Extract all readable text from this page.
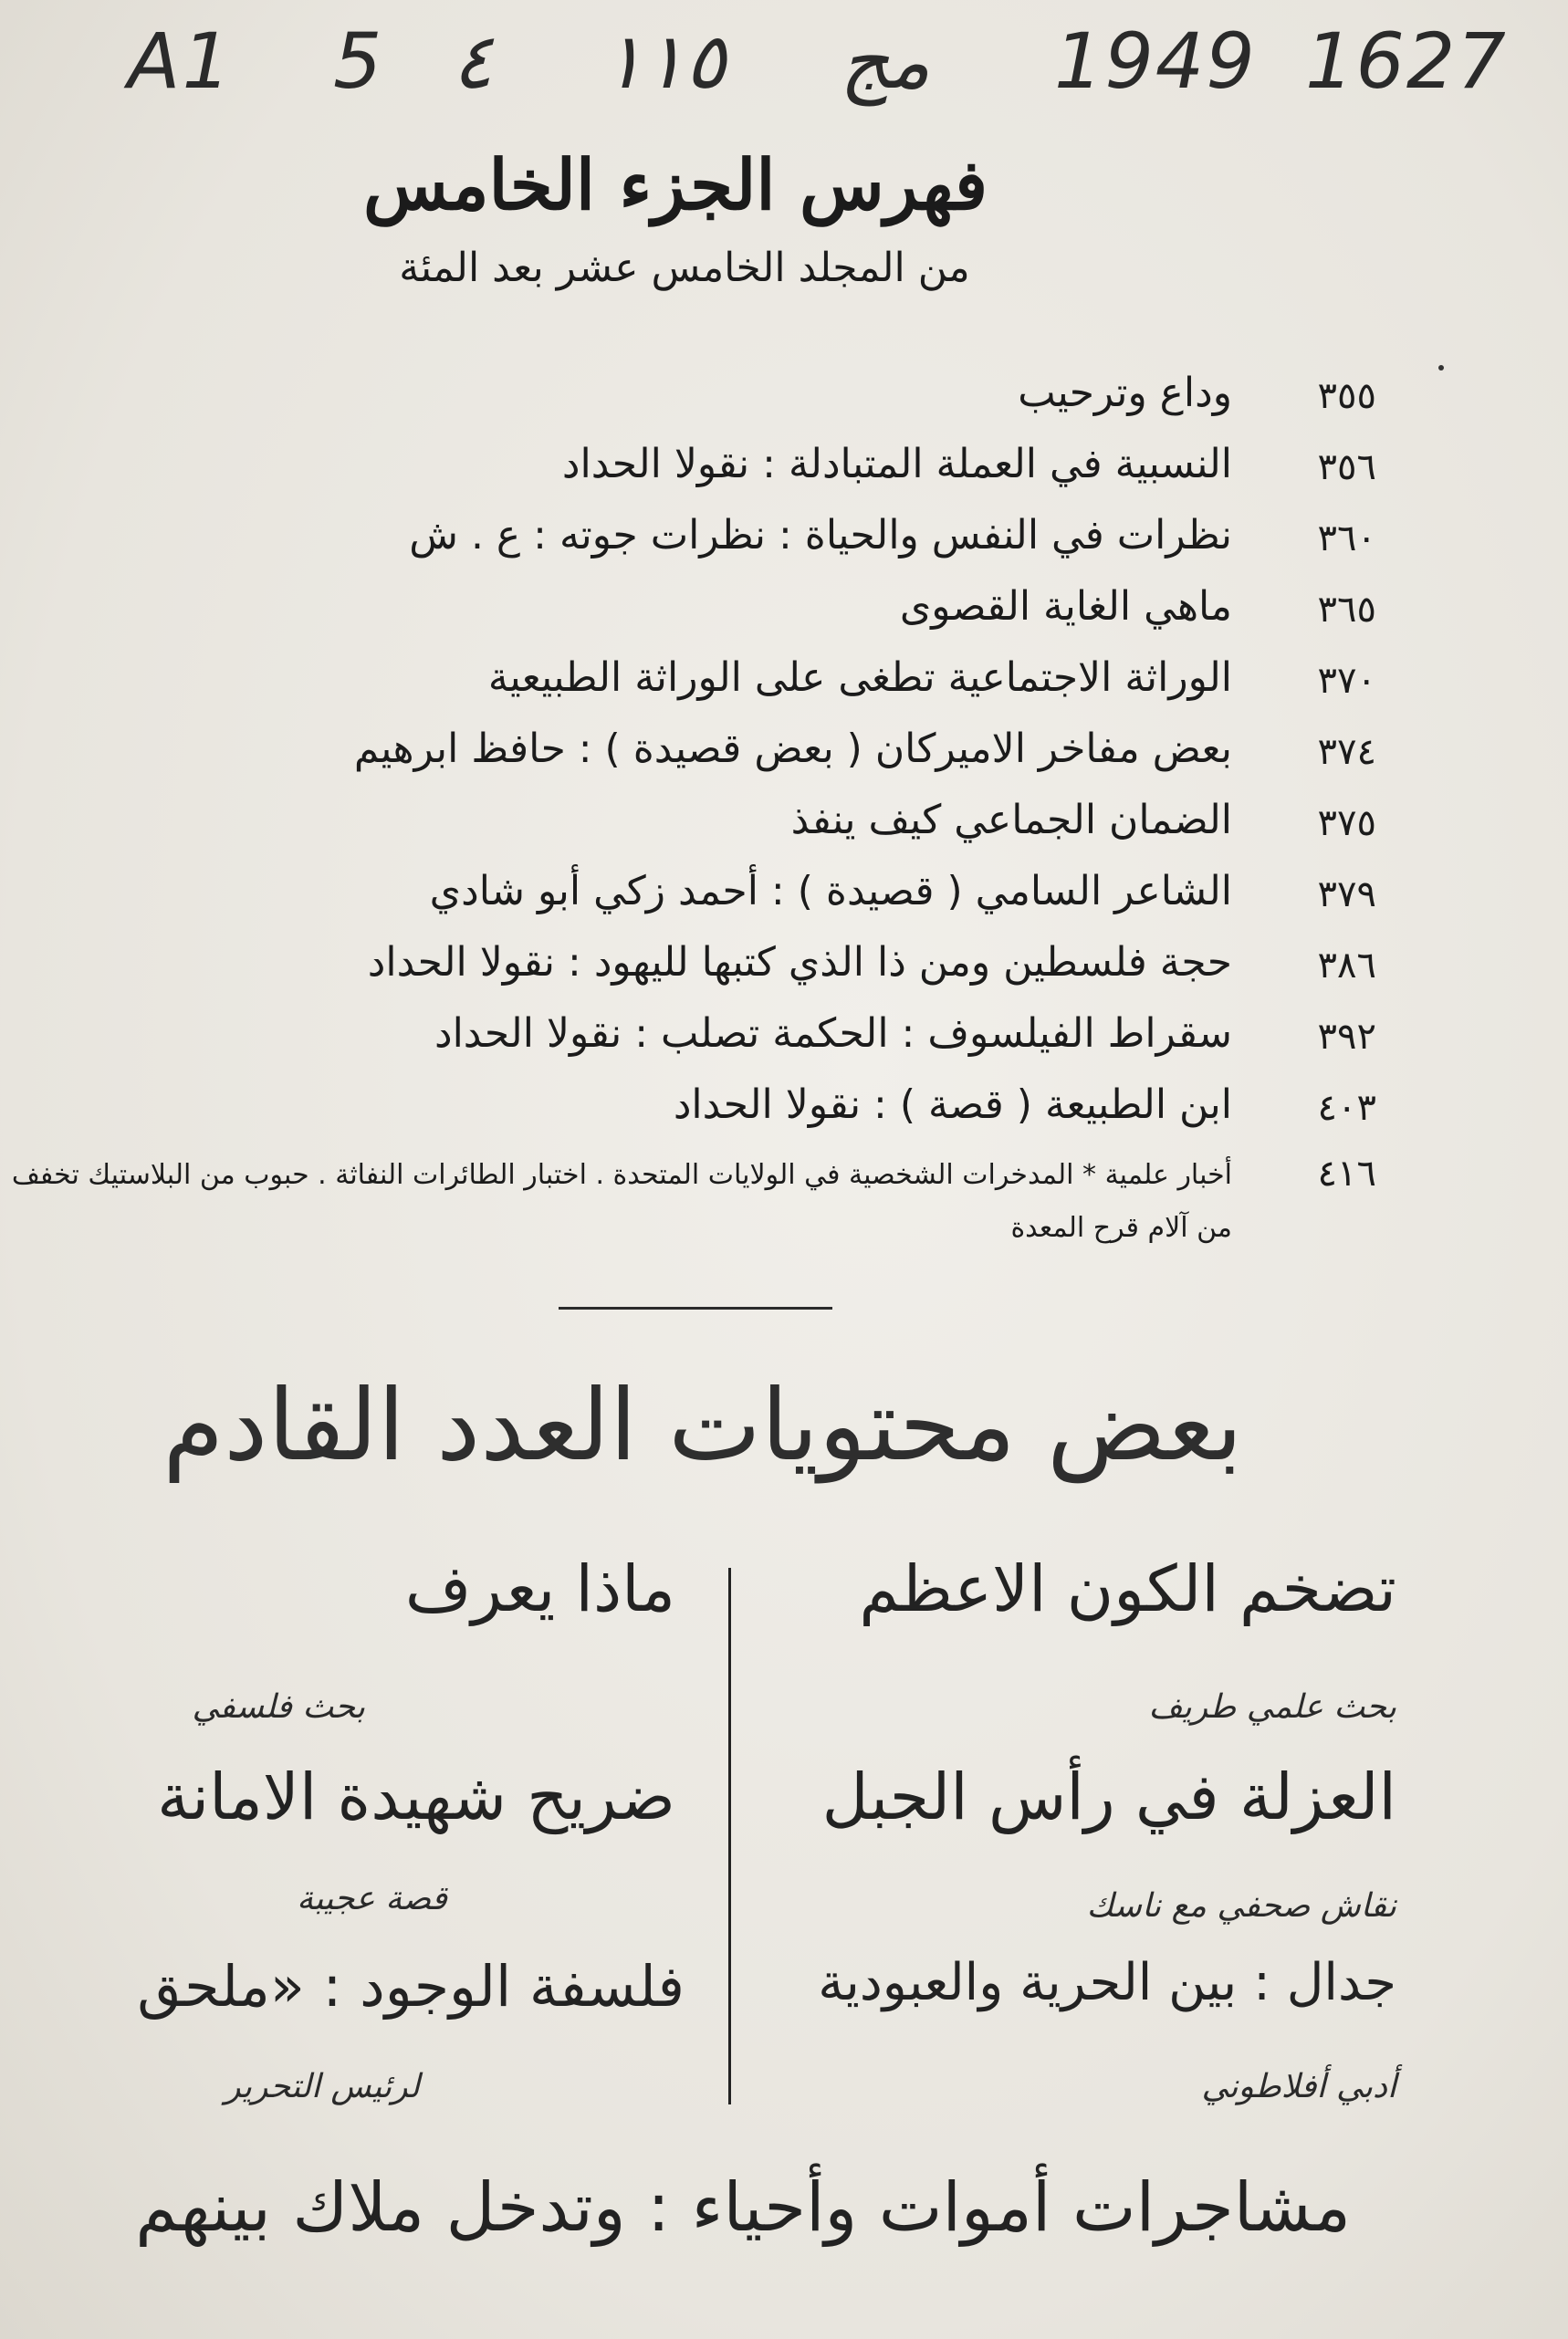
A1 5 ٤ ١١٥ مج 1949 1627
فهرس الجزء الخامس
من المجلد الخامس عشر بعد المئة
٣٥٥
وداع وترحيب
٣٥٦
النسبية في العملة المتبادلة : نقولا الحداد
٣٦٠
نظرات في النفس والحياة : نظرات جوته : ع . ش
٣٦٥
ماهي الغاية القصوى
٣٧٠
الوراثة الاجتماعية تطغى على الوراثة الطبيعية
٣٧٤
بعض مفاخر الاميركان ( بعض قصيدة ) : حافظ ابرهيم
٣٧٥
الضمان الجماعي كيف ينفذ
٣٧٩
الشاعر السامي ( قصيدة ) : أحمد زكي أبو شادي
٣٨٦
حجة فلسطين ومن ذا الذي كتبها لليهود : نقولا الحداد
٣٩٢
سقراط الفيلسوف : الحكمة تصلب : نقولا الحداد
٤٠٣
ابن الطبيعة ( قصة ) : نقولا الحداد
٤١٦
أخبار علمية * المدخرات الشخصية في الولايات المتحدة . اختبار الطائرات النفاثة . حبوب من البلاستيك تخفف من آلام قرح المعدة
بعض محتويات العدد القادم
تضخم الكون الاعظم
بحث علمي طريف
العزلة في رأس الجبل
نقاش صحفي مع ناسك
جدال : بين الحرية والعبودية
أدبي أفلاطوني
ماذا يعرف
بحث فلسفي
ضريح شهيدة الامانة
قصة عجيبة
فلسفة الوجود : «ملحق
لرئيس التحرير
مشاجرات أموات وأحياء : وتدخل ملاك بينهم
